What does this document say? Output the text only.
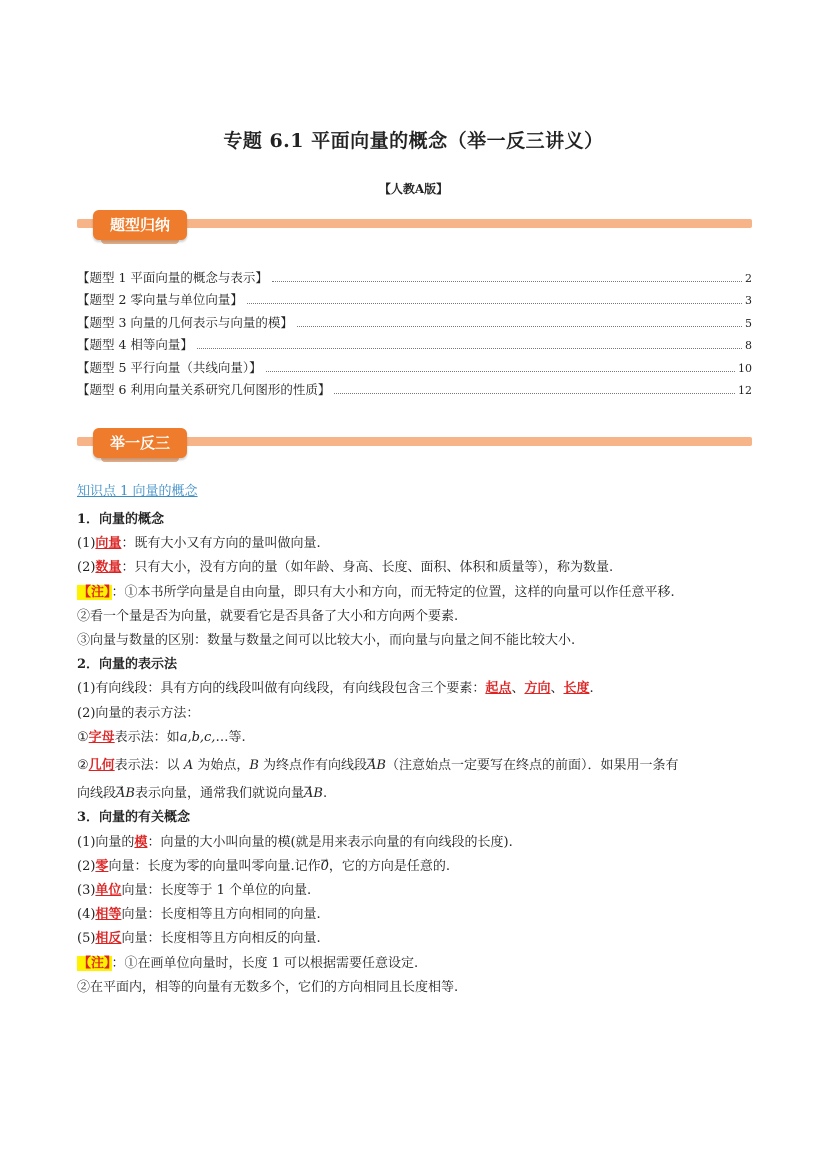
专题 6.1 平面向量的概念（举一反三讲义）
【人教A版】
题型归纳
【题型 1 平面向量的概念与表示】	2
【题型 2 零向量与单位向量】	3
【题型 3 向量的几何表示与向量的模】	5
【题型 4 相等向量】	8
【题型 5 平行向量（共线向量）】	10
【题型 6 利用向量关系研究几何图形的性质】	12
举一反三
知识点 1 向量的概念

1．向量的概念

(1)向量：既有大小又有方向的量叫做向量.

(2)数量：只有大小，没有方向的量（如年龄、身高、长度、面积、体积和质量等），称为数量.

【注】：①本书所学向量是自由向量，即只有大小和方向，而无特定的位置，这样的向量可以作任意平移.

②看一个量是否为向量，就要看它是否具备了大小和方向两个要素.

③向量与数量的区别：数量与数量之间可以比较大小，而向量与向量之间不能比较大小.

2．向量的表示法

(1)有向线段：具有方向的线段叫做有向线段，有向线段包含三个要素：起点、方向、长度.

(2)向量的表示方法：

①字母表示法：如a,b,c,…等.

②几何表示法：以 A 为始点，B 为终点作有向线段→ AB（注意始点一定要写在终点的前面）．如果用一条有

向线段→ AB表示向量，通常我们就说向量→ AB.

3．向量的有关概念

(1)向量的模：向量的大小叫向量的模(就是用来表示向量的有向线段的长度).

(2)零向量：长度为零的向量叫零向量.记作→ 0，它的方向是任意的.

(3)单位向量：长度等于 1 个单位的向量.

(4)相等向量：长度相等且方向相同的向量.

(5)相反向量：长度相等且方向相反的向量.

【注】：①在画单位向量时，长度 1 可以根据需要任意设定.

②在平面内，相等的向量有无数多个，它们的方向相同且长度相等.
